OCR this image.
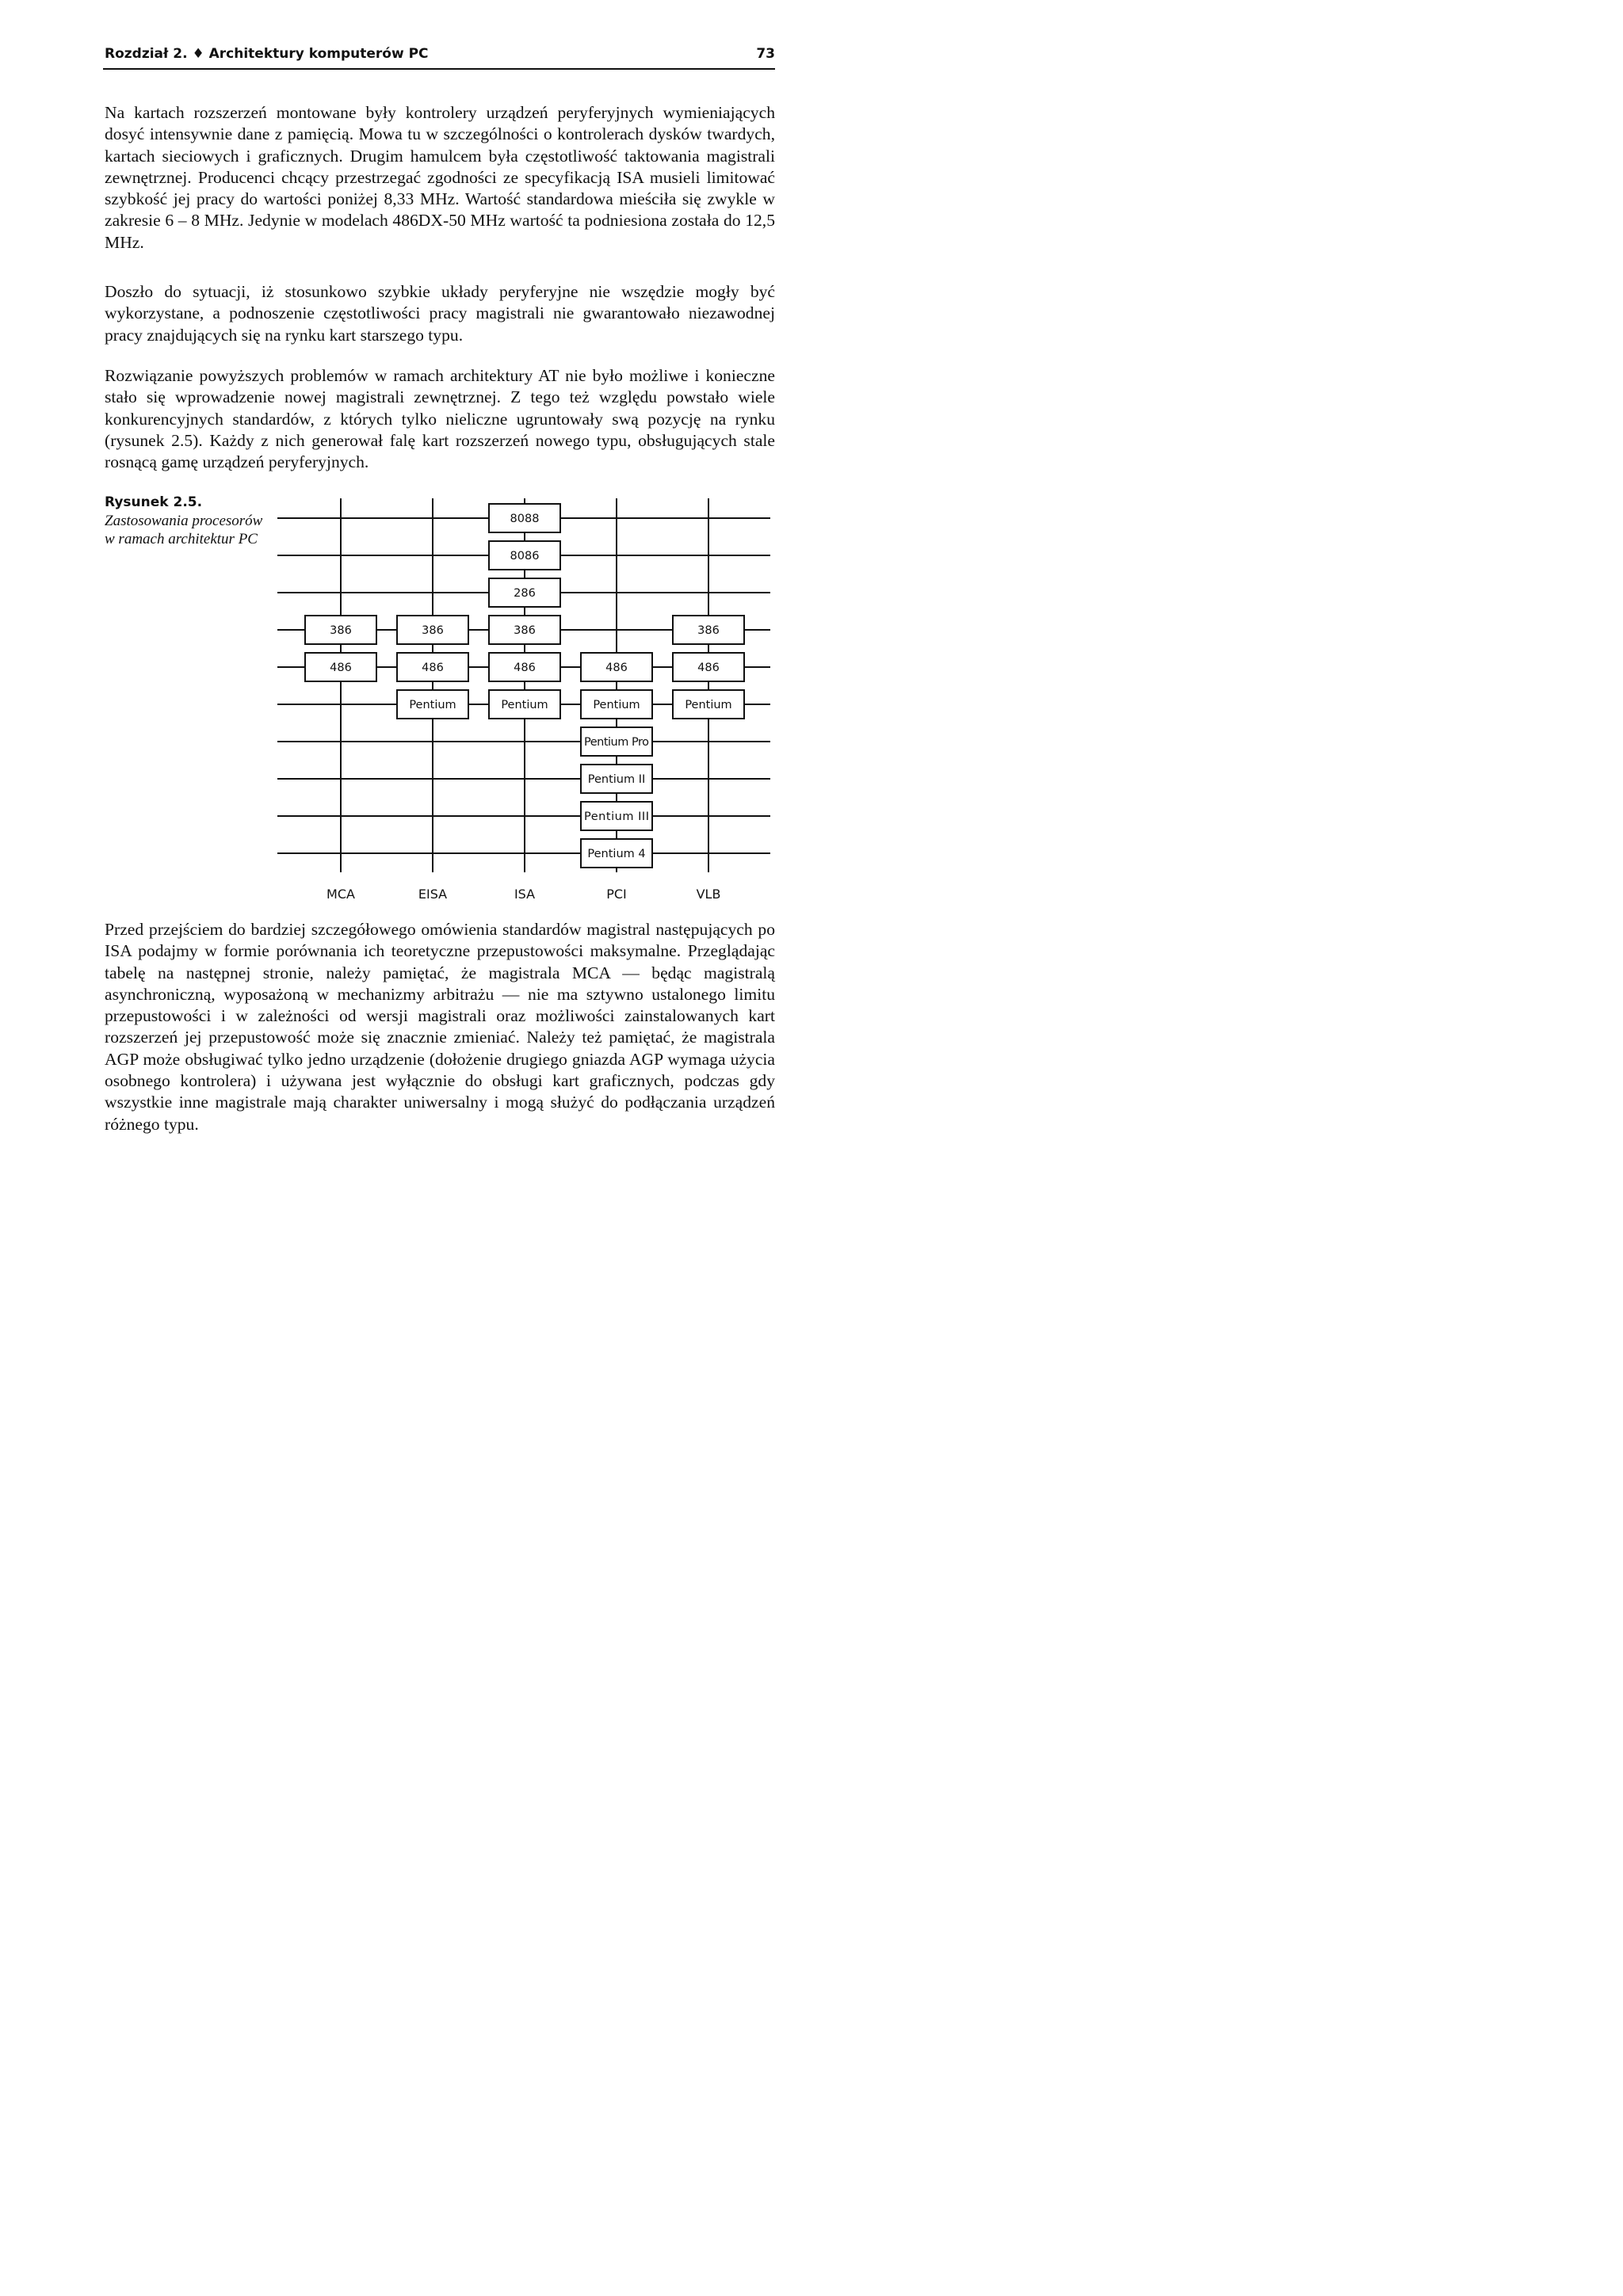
Rozdział 2. ♦ Architektury komputerów PC	73

Na kartach rozszerzeń montowane były kontrolery urządzeń peryferyjnych wymieniających dosyć intensywnie dane z pamięcią. Mowa tu w szczególności o kontrolerach dysków twardych, kartach sieciowych i graficznych. Drugim hamulcem była częstotliwość taktowania magistrali zewnętrznej. Producenci chcący przestrzegać zgodności ze specyfikacją ISA musieli limitować szybkość jej pracy do wartości poniżej 8,33 MHz. Wartość standardowa mieściła się zwykle w zakresie 6 – 8 MHz. Jedynie w modelach 486DX-50 MHz wartość ta podniesiona została do 12,5 MHz.

Doszło do sytuacji, iż stosunkowo szybkie układy peryferyjne nie wszędzie mogły być wykorzystane, a podnoszenie częstotliwości pracy magistrali nie gwarantowało niezawodnej pracy znajdujących się na rynku kart starszego typu.

Rozwiązanie powyższych problemów w ramach architektury AT nie było możliwe i konieczne stało się wprowadzenie nowej magistrali zewnętrznej. Z tego też względu powstało wiele konkurencyjnych standardów, z których tylko nieliczne ugruntowały swą pozycję na rynku (rysunek 2.5). Każdy z nich generował falę kart rozszerzeń nowego typu, obsługujących stale rosnącą gamę urządzeń peryferyjnych.

Rysunek 2.5.
Zastosowania procesorów w ramach architektur PC
386
486
386
486
Pentium
8088
8086
286
386
486
Pentium
486
Pentium
Pentium Pro
Pentium II
Pentium III
Pentium 4
386
486
Pentium
MCA	EISA	ISA	PCI	VLB

Przed przejściem do bardziej szczegółowego omówienia standardów magistral następujących po ISA podajmy w formie porównania ich teoretyczne przepustowości maksymalne. Przeglądając tabelę na następnej stronie, należy pamiętać, że magistrala MCA — będąc magistralą asynchroniczną, wyposażoną w mechanizmy arbitrażu — nie ma sztywno ustalonego limitu przepustowości i w zależności od wersji magistrali oraz możliwości zainstalowanych kart rozszerzeń jej przepustowość może się znacznie zmieniać. Należy też pamiętać, że magistrala AGP może obsługiwać tylko jedno urządzenie (dołożenie drugiego gniazda AGP wymaga użycia osobnego kontrolera) i używana jest wyłącznie do obsługi kart graficznych, podczas gdy wszystkie inne magistrale mają charakter uniwersalny i mogą służyć do podłączania urządzeń różnego typu.
